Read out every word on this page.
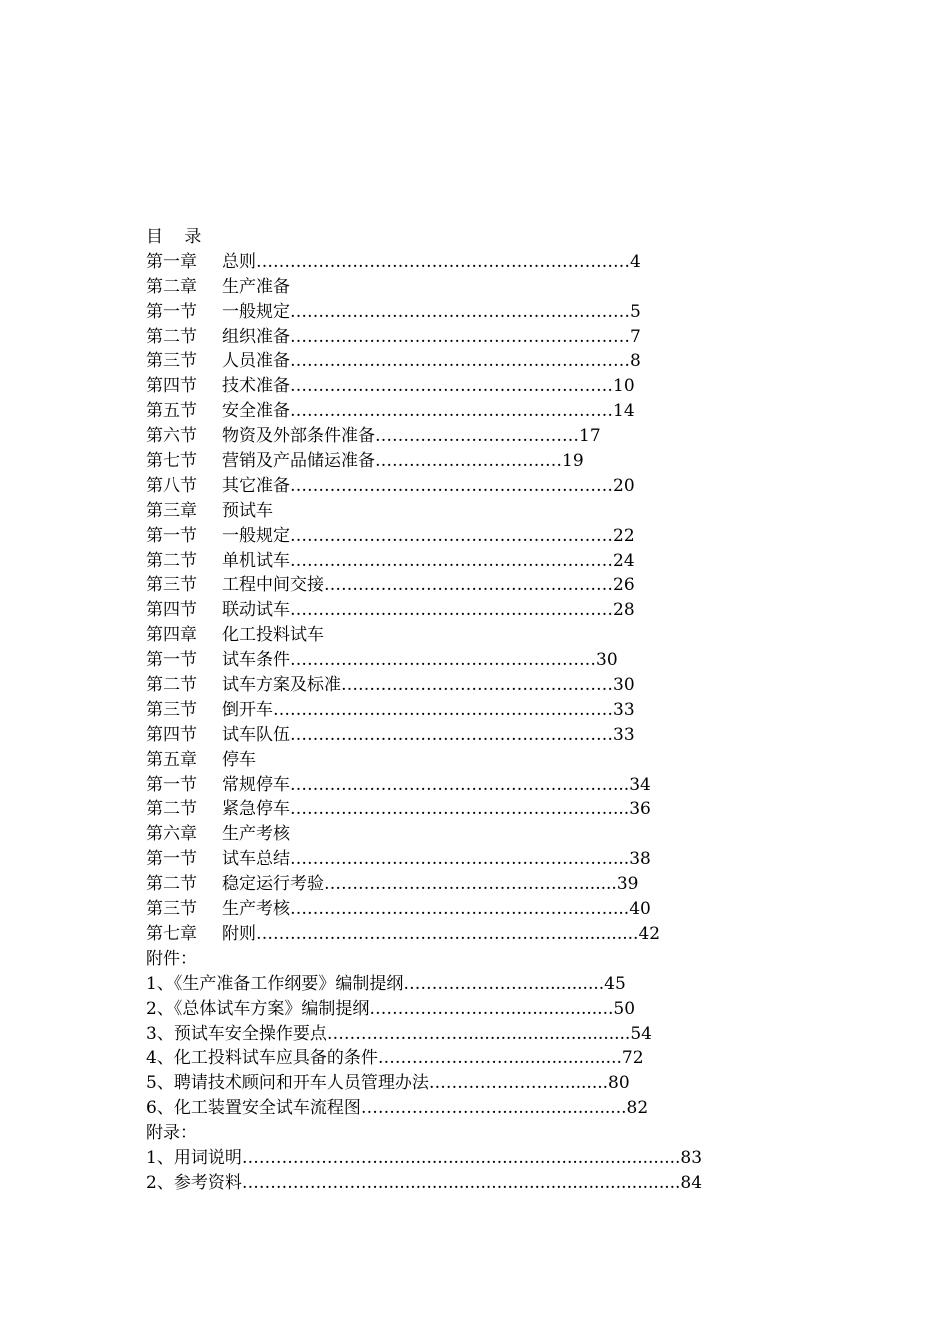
目 录
第一章 总则…………………………………………………………4
第二章 生产准备
第一节 一般规定……………………………………………………5
第二节 组织准备……………………………………………………7
第三节 人员准备……………………………………………………8
第四节 技术准备…………………………………………………10
第五节 安全准备…………………………………………………14
第六节 物资及外部条件准备………………………………17
第七节 营销及产品储运准备……………………………19
第八节 其它准备…………………………………………………20
第三章 预试车
第一节 一般规定…………………………………………………22
第二节 单机试车…………………………………………………24
第三节 工程中间交接……………………………………………26
第四节 联动试车…………………………………………………28
第四章 化工投料试车
第一节 试车条件………………………………………………30
第二节 试车方案及标准…………………………………………30
第三节 倒开车……………………………………………………33
第四节 试车队伍…………………………………………………33
第五章 停车
第一节 常规停车…………………………………………………...34
第二节 紧急停车…………………………………………………...36
第六章 生产考核
第一节 试车总结…………………………………………………...38
第二节 稳定运行考验……………………………………….......39
第三节 生产考核…………………………………………………...40
第七章 附则…………………………………………………...........42
附件：
1、《生产准备工作纲要》编制提纲……………………............45
2、《总体试车方案》编制提纲……………………....................50
3、预试车安全操作要点……………………...............................54
4、化工投料试车应具备的条件……………………....................72
5、聘请技术顾问和开车人员管理办法……………………........80
6、化工装置安全试车流程图……………………........................82
附录：
1、用词说明……………………........................................................83
2、参考资料……………………........................................................84
